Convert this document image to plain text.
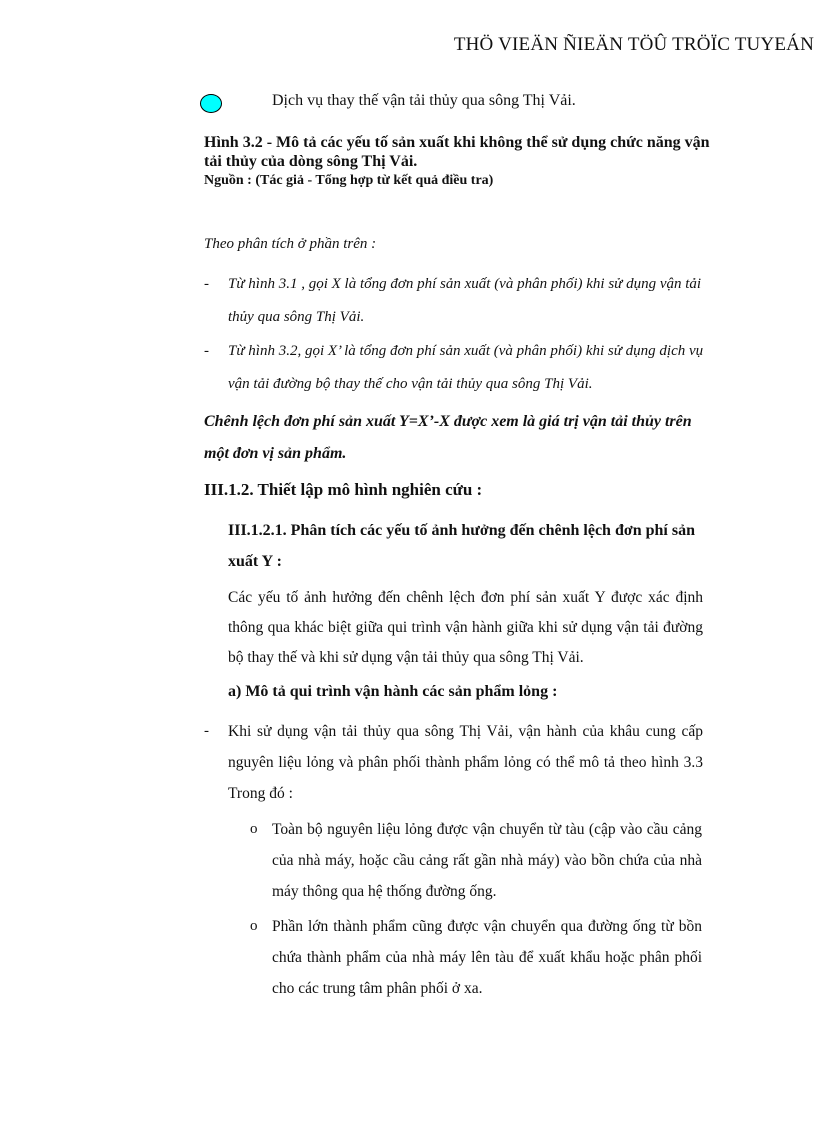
THÖ VIEÄN ÑIEÄN TÖÛ TRÖÏC TUYEÁN
Dịch vụ thay thế vận tải thủy qua sông Thị Vải.
Hình 3.2 - Mô tả các yếu tố sản xuất khi không thể sử dụng chức năng vận tải thủy của dòng sông Thị Vải.
Nguồn : (Tác giả - Tổng hợp từ kết quả điều tra)
Theo phân tích ở phần trên :
- Từ hình 3.1 , gọi X là tổng đơn phí sản xuất (và phân phối) khi sử dụng vận tải thủy qua sông Thị Vải.
- Từ hình 3.2, gọi X’ là tổng đơn phí sản xuất (và phân phối) khi sử dụng dịch vụ vận tải đường bộ thay thế cho vận tải thủy qua sông Thị Vải.
Chênh lệch đơn phí sản xuất Y=X’-X được xem là giá trị vận tải thủy trên một đơn vị sản phẩm.
III.1.2. Thiết lập mô hình nghiên cứu :
III.1.2.1. Phân tích các yếu tố ảnh hưởng đến chênh lệch đơn phí sản xuất Y :
Các yếu tố ảnh hưởng đến chênh lệch đơn phí sản xuất Y được xác định thông qua khác biệt giữa qui trình vận hành giữa khi sử dụng vận tải đường bộ thay thế và khi sử dụng vận tải thủy qua sông Thị Vải.
a) Mô tả qui trình vận hành các sản phẩm lỏng :
- Khi sử dụng vận tải thủy qua sông Thị Vải, vận hành của khâu cung cấp nguyên liệu lỏng và phân phối thành phẩm lỏng có thể mô tả theo hình 3.3 Trong đó :
o Toàn bộ nguyên liệu lỏng được vận chuyển từ tàu (cập vào cầu cảng của nhà máy, hoặc cầu cảng rất gần nhà máy) vào bồn chứa của nhà máy thông qua hệ thống đường ống.
o Phần lớn thành phẩm cũng được vận chuyển qua đường ống từ bồn chứa thành phẩm của nhà máy lên tàu để xuất khẩu hoặc phân phối cho các trung tâm phân phối ở xa.
